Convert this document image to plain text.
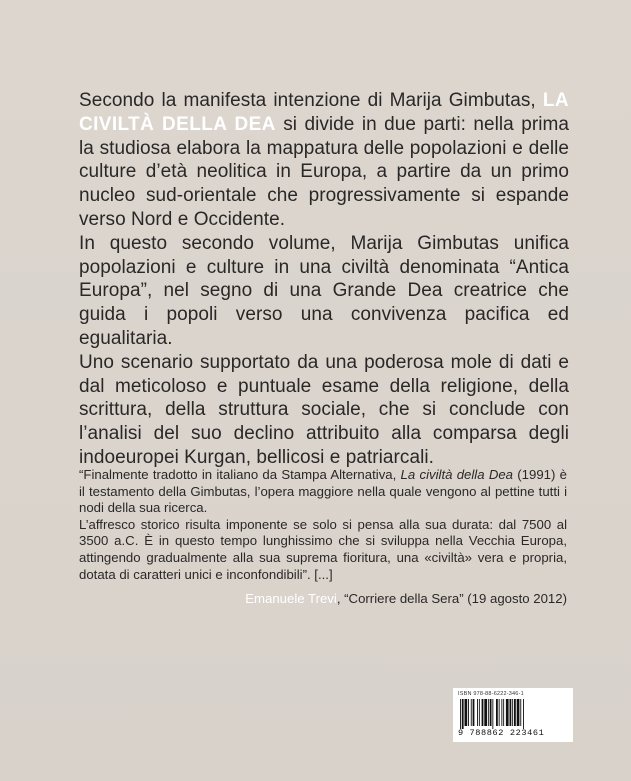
Secondo la manifesta intenzione di Marija Gimbutas, LA CIVILTÀ DELLA DEA si divide in due parti: nella prima la studiosa elabora la mappatura delle popolazioni e delle culture d’età neolitica in Europa, a partire da un primo nucleo sud-orientale che progressivamente si espande verso Nord e Occidente.

In questo secondo volume, Marija Gimbutas unifica popolazioni e culture in una civiltà denominata “Antica Europa”, nel segno di una Grande Dea creatrice che guida i popoli verso una convivenza pacifica ed egualitaria.

Uno scenario supportato da una poderosa mole di dati e dal meticoloso e puntuale esame della religione, della scrittura, della struttura sociale, che si conclude con l’analisi del suo declino attribuito alla comparsa degli indoeuropei Kurgan, bellicosi e patriarcali.

“Finalmente tradotto in italiano da Stampa Alternativa, La civiltà della Dea (1991) è il testamento della Gimbutas, l’opera maggiore nella quale vengono al pettine tutti i nodi della sua ricerca.

L’affresco storico risulta imponente se solo si pensa alla sua durata: dal 7500 al 3500 a.C. È in questo tempo lunghissimo che si sviluppa nella Vecchia Europa, attingendo gradualmente alla sua suprema fioritura, una «civiltà» vera e propria, dotata di caratteri unici e inconfondibili”. [...]

Emanuele Trevi, “Corriere della Sera” (19 agosto 2012)
ISBN 978-88-6222-346-1
9 788862 223461
